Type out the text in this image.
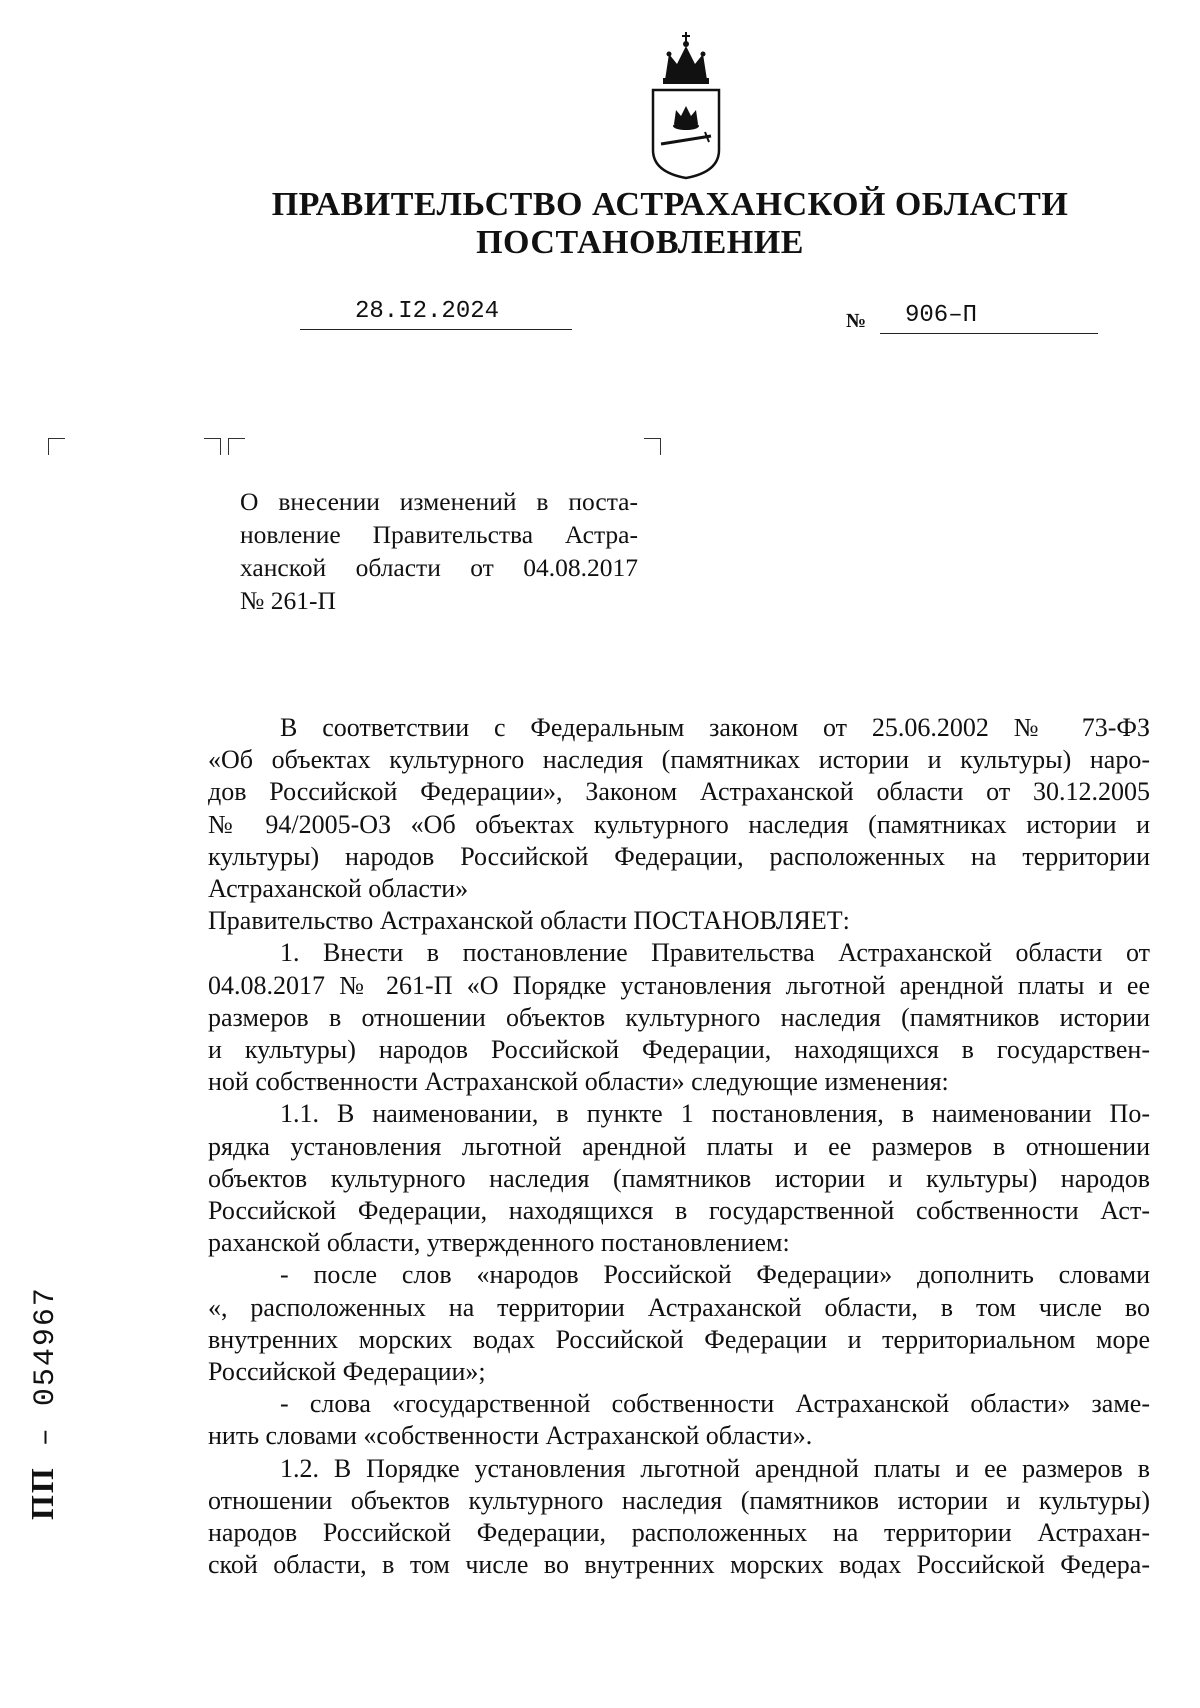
ПРАВИТЕЛЬСТВО АСТРАХАНСКОЙ ОБЛАСТИ
ПОСТАНОВЛЕНИЕ
28.I2.2024	№ 906–П
О внесении изменений в поста-
новление Правительства Астра-
ханской области от 04.08.2017
№ 261-П
В соответствии с Федеральным законом от 25.06.2002 № 73-ФЗ
«Об объектах культурного наследия (памятниках истории и культуры) наро-
дов Российской Федерации», Законом Астраханской области от 30.12.2005
№ 94/2005-ОЗ «Об объектах культурного наследия (памятниках истории и
культуры) народов Российской Федерации, расположенных на территории
Астраханской области»
Правительство Астраханской области ПОСТАНОВЛЯЕТ:
1. Внести в постановление Правительства Астраханской области от
04.08.2017 № 261-П «О Порядке установления льготной арендной платы и ее
размеров в отношении объектов культурного наследия (памятников истории
и культуры) народов Российской Федерации, находящихся в государствен-
ной собственности Астраханской области» следующие изменения:
1.1. В наименовании, в пункте 1 постановления, в наименовании По-
рядка установления льготной арендной платы и ее размеров в отношении
объектов культурного наследия (памятников истории и культуры) народов
Российской Федерации, находящихся в государственной собственности Аст-
раханской области, утвержденного постановлением:
- после слов «народов Российской Федерации» дополнить словами
«, расположенных на территории Астраханской области, в том числе во
внутренних морских водах Российской Федерации и территориальном море
Российской Федерации»;
- слова «государственной собственности Астраханской области» заме-
нить словами «собственности Астраханской области».
1.2. В Порядке установления льготной арендной платы и ее размеров в
отношении объектов культурного наследия (памятников истории и культуры)
народов Российской Федерации, расположенных на территории Астрахан-
ской области, в том числе во внутренних морских водах Российской Федера-
ПП – 054967
